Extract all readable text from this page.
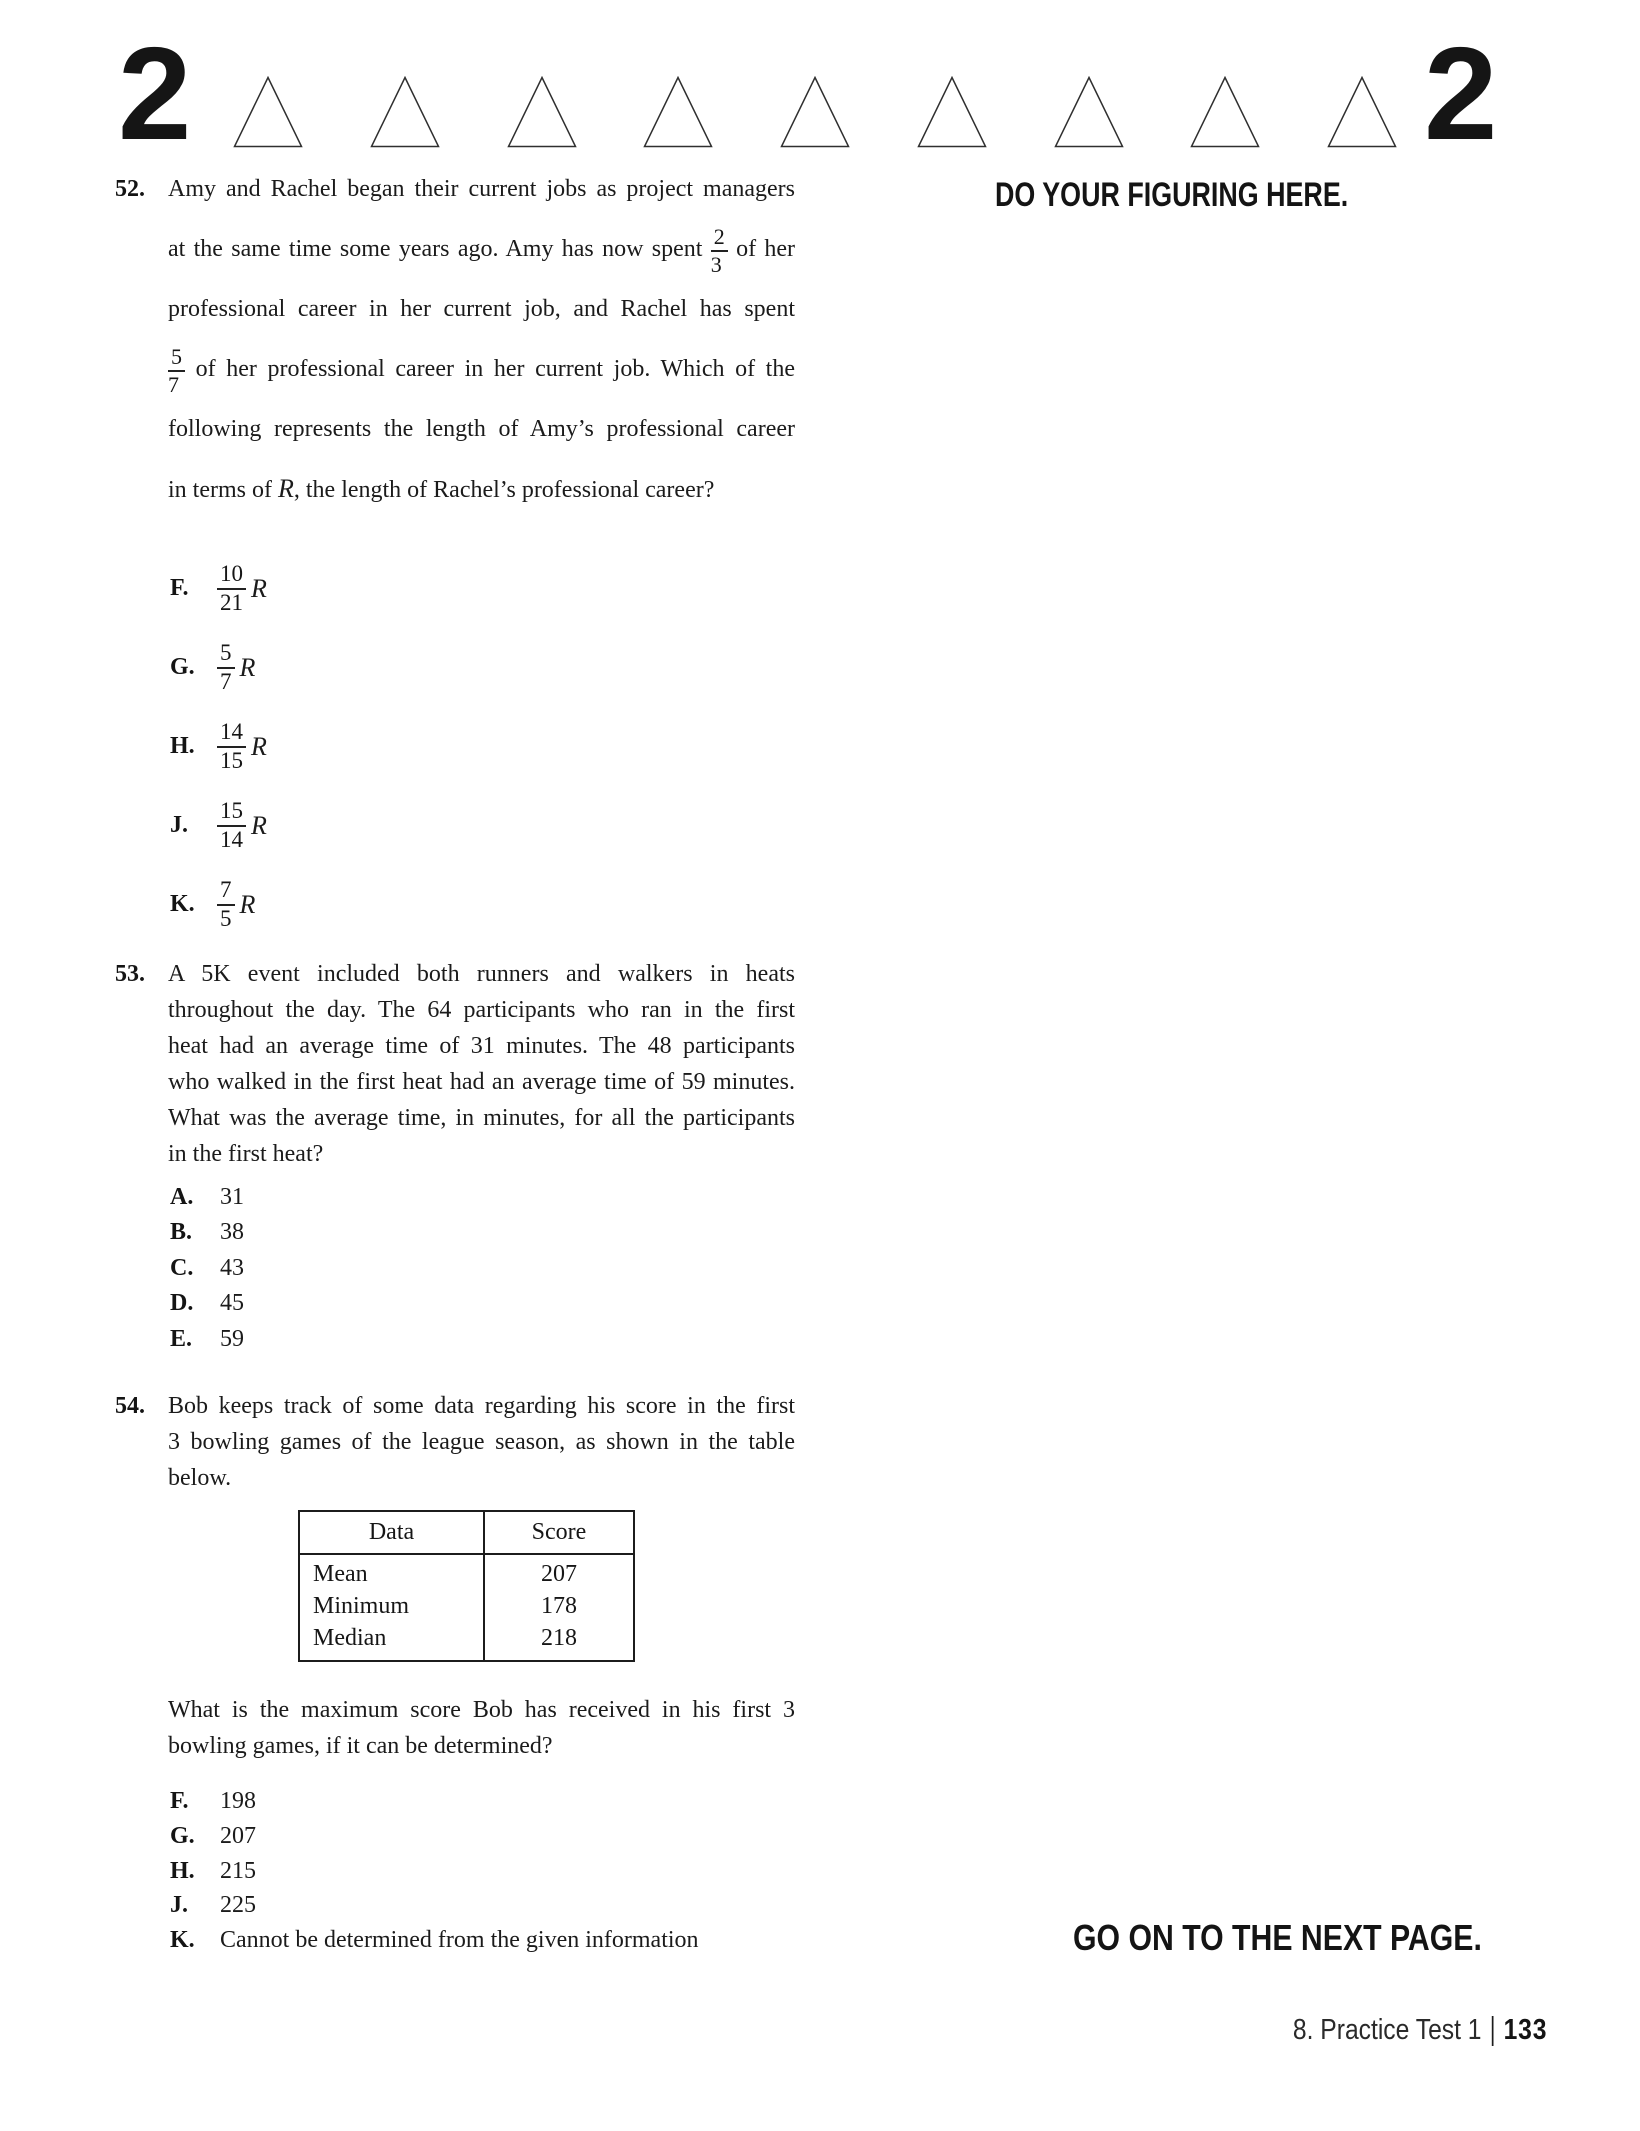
2	2
DO YOUR FIGURING HERE.
52. Amy and Rachel began their current jobs as project managers
at the same time some years ago. Amy has now spent $\frac{2}{3}$ of her
professional career in her current job, and Rachel has spent
$\frac{5}{7}$ of her professional career in her current job. Which of the
following represents the length of Amy’s professional career
in terms of R, the length of Rachel’s professional career?
F.	$\frac{10}{21}$ R
G. $\frac{5}{7}$ R
H. $\frac{14}{15}$ R
J.	$\frac{15}{14}$ R
K. $\frac{7}{5}$ R
53. A 5K event included both runners and walkers in heats
throughout the day. The 64 participants who ran in the first
heat had an average time of 31 minutes. The 48 participants
who walked in the first heat had an average time of 59 minutes.
What was the average time, in minutes, for all the participants
in the first heat?
A. 31
B. 38
C. 43
D. 45
E. 59
54. Bob keeps track of some data regarding his score in the first
3 bowling games of the league season, as shown in the table
below.
Data	Score
Mean	207
Minimum	178
Median	218
What is the maximum score Bob has received in his first 3
bowling games, if it can be determined?
F. 198
G. 207
H. 215
J. 225
K. Cannot be determined from the given information	GO ON TO THE NEXT PAGE.
8. Practice Test 1 133
